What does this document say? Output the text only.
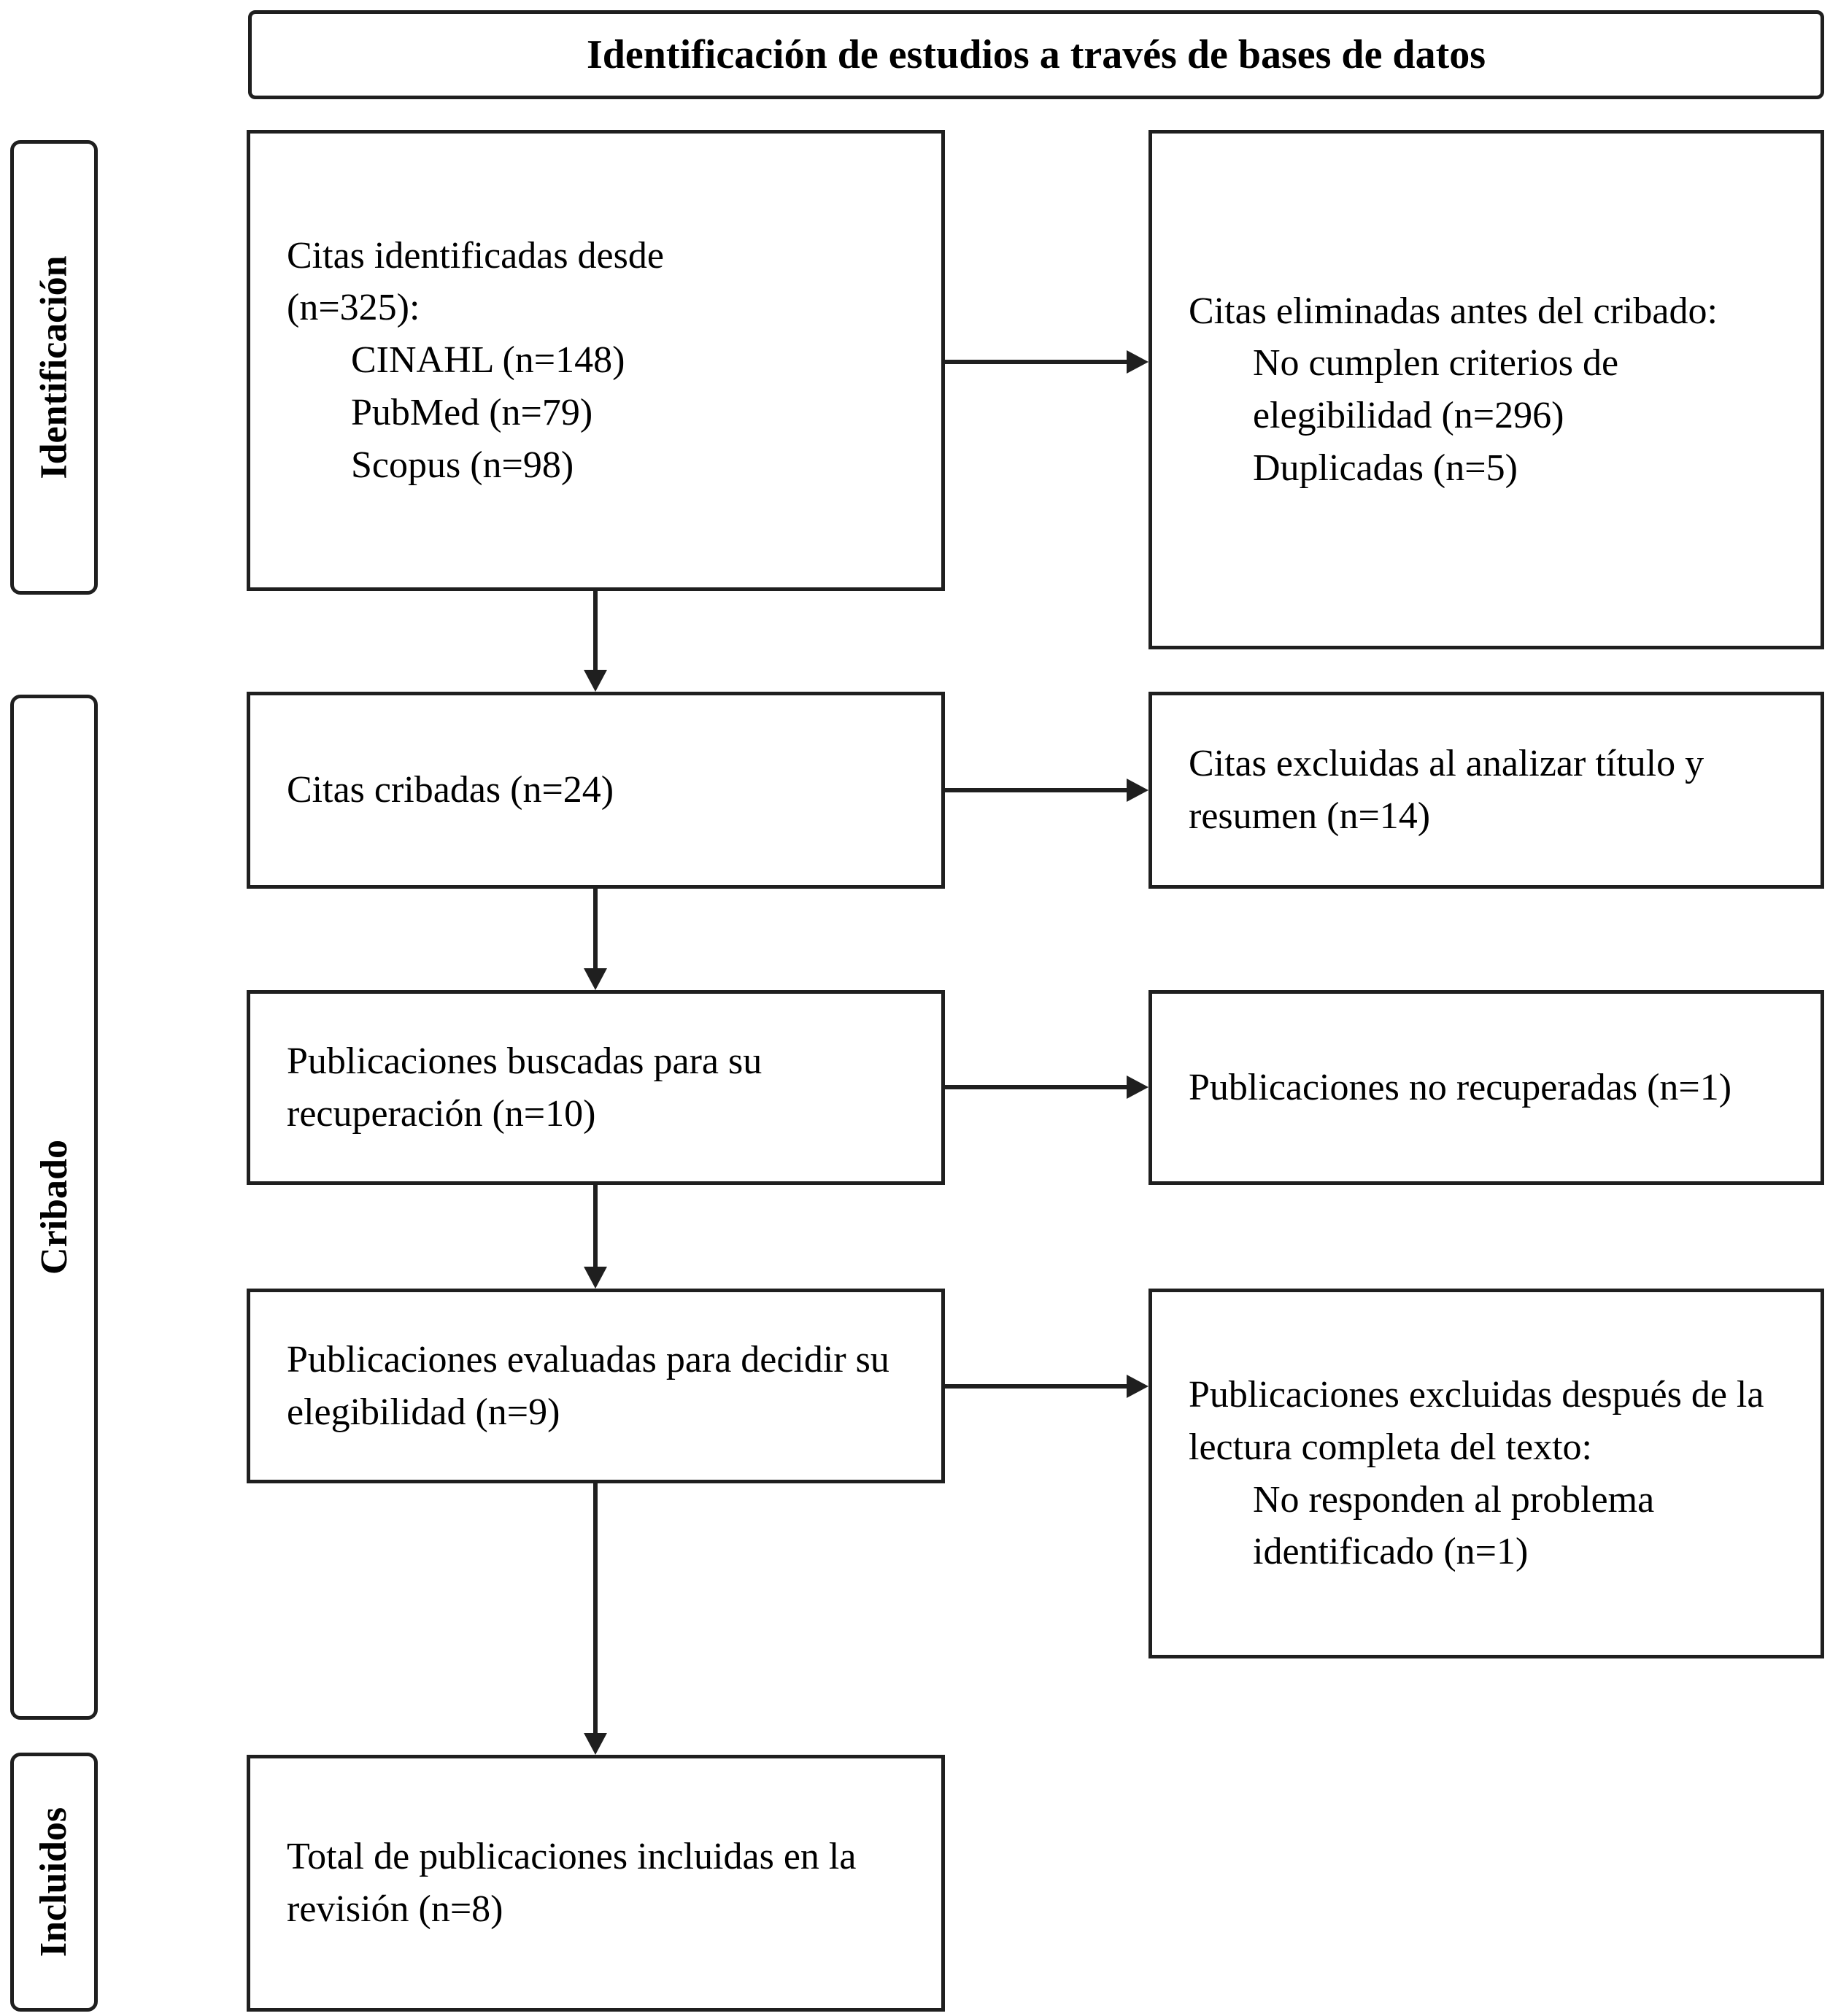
Identificación de estudios a través de bases de datos
Identificación
Cribado
Incluidos

Citas identificadas desde

(n=325):

CINAHL (n=148)

PubMed (n=79)

Scopus (n=98)

Citas cribadas (n=24)

Publicaciones buscadas para su recuperación (n=10)

Publicaciones evaluadas para decidir su elegibilidad (n=9)

Total de publicaciones incluidas en la revisión (n=8)

Citas eliminadas antes del cribado:

No cumplen criterios de elegibilidad (n=296)

Duplicadas (n=5)

Citas excluidas al analizar título y resumen (n=14)

Publicaciones no recuperadas (n=1)

Publicaciones excluidas después de la lectura completa del texto:

No responden al problema identificado (n=1)
